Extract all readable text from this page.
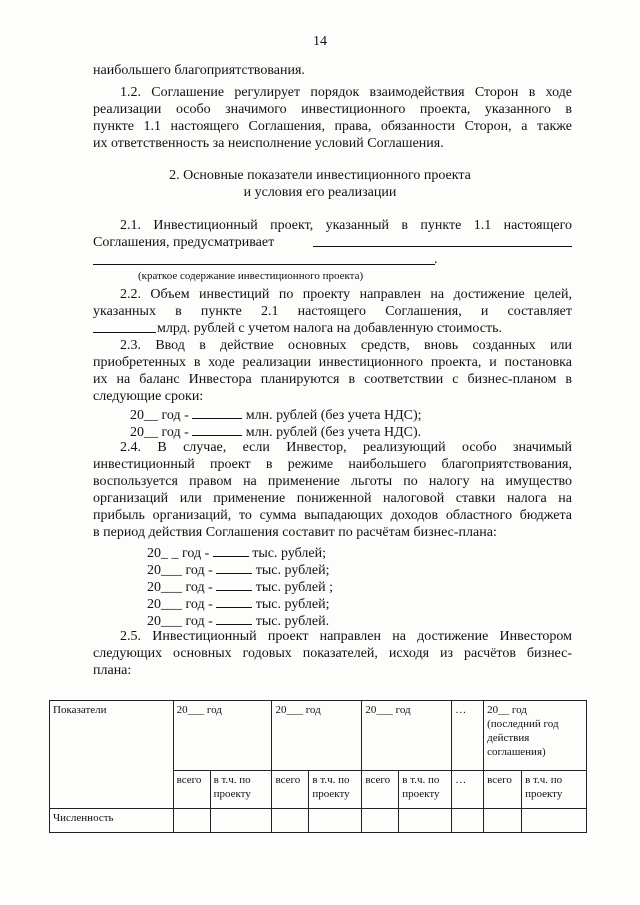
14
наибольшего благоприятствования.
1.2. Соглашение регулирует порядок взаимодействия Сторон в ходе
реализации особо значимого инвестиционного проекта, указанного в
пункте 1.1 настоящего Соглашения, права, обязанности Сторон, а также
их ответственность за неисполнение условий Соглашения.
2. Основные показатели инвестиционного проекта
и условия его реализации
2.1. Инвестиционный проект, указанный в пункте 1.1 настоящего
Соглашения, предусматривает
.
(краткое содержание инвестиционного проекта)
2.2. Объем инвестиций по проекту направлен на достижение целей,
указанных в пункте 2.1 настоящего Соглашения, и составляет
млрд. рублей с учетом налога на добавленную стоимость.
2.3. Ввод в действие основных средств, вновь созданных или
приобретенных в ходе реализации инвестиционного проекта, и постановка
их на баланс Инвестора планируются в соответствии с бизнес-планом в
следующие сроки:
20__ год -	млн. рублей (без учета НДС);
20__ год -	млн. рублей (без учета НДС).
2.4. В случае, если Инвестор, реализующий особо значимый
инвестиционный проект в режиме наибольшего благоприятствования,
воспользуется правом на применение льготы по налогу на имущество
организаций или применение пониженной налоговой ставки налога на
прибыль организаций, то сумма выпадающих доходов областного бюджета
в период действия Соглашения составит по расчётам бизнес-плана:
20_ _ год -	тыс. рублей;
20___ год -	тыс. рублей;
20___ год -	тыс. рублей ;
20___ год -	тыс. рублей;
20___ год -	тыс. рублей.
2.5. Инвестиционный проект направлен на достижение Инвестором
следующих основных годовых показателей, исходя из расчётов бизнес-
плана:
Показатели	20___ год		20___ год		20___ год		…	20__ год (последний год действия соглашения)	
	всего	в т.ч. по проекту	всего	в т.ч. по проекту	всего	в т.ч. по проекту	…	всего	в т.ч. по проекту
Численность									
